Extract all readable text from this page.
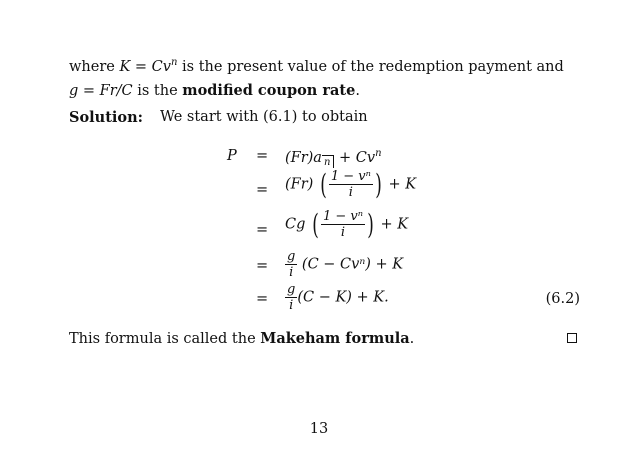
where $K = Cv^n$ is the present value of the redemption payment and
g = Fr/C is the modified coupon rate.
Solution: We start with (6.1) to obtain
P = (Fr)a $n + Cv^n$
= (Fr) ( $\frac{\text{1 − vⁿ}}{i}$ ) + K
= Cg ( $\frac{\text{1 − vⁿ}}{i}$ ) + K
= $\frac{g}{i} (C - Cv^n) + K$
= $\frac{g}{i} (C - K) + K$.	(6.2)
This formula is called the Makeham formula.
13
